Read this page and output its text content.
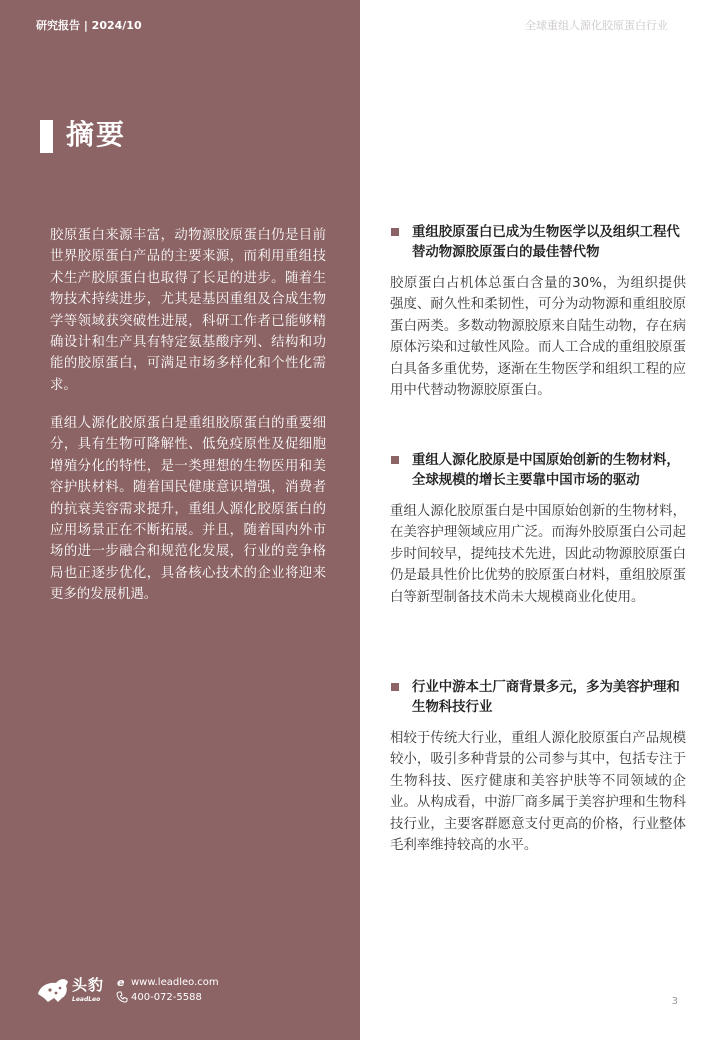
研究报告 | 2024/10	全球重组人源化胶原蛋白行业
摘要

胶原蛋白来源丰富，动物源胶原蛋白仍是目前世界胶原蛋白产品的主要来源，而利用重组技术生产胶原蛋白也取得了长足的进步。随着生物技术持续进步，尤其是基因重组及合成生物学等领域获突破性进展，科研工作者已能够精确设计和生产具有特定氨基酸序列、结构和功能的胶原蛋白，可满足市场多样化和个性化需求。

重组人源化胶原蛋白是重组胶原蛋白的重要细分，具有生物可降解性、低免疫原性及促细胞增殖分化的特性，是一类理想的生物医用和美容护肤材料。随着国民健康意识增强，消费者的抗衰美容需求提升，重组人源化胶原蛋白的应用场景正在不断拓展。并且，随着国内外市场的进一步融合和规范化发展，行业的竞争格局也正逐步优化，具备核心技术的企业将迎来更多的发展机遇。

重组胶原蛋白已成为生物医学以及组织工程代替动物源胶原蛋白的最佳替代物

胶原蛋白占机体总蛋白含量的30%，为组织提供强度、耐久性和柔韧性，可分为动物源和重组胶原蛋白两类。多数动物源胶原来自陆生动物，存在病原体污染和过敏性风险。而人工合成的重组胶原蛋白具备多重优势，逐渐在生物医学和组织工程的应用中代替动物源胶原蛋白。

重组人源化胶原是中国原始创新的生物材料，全球规模的增长主要靠中国市场的驱动

重组人源化胶原蛋白是中国原始创新的生物材料，在美容护理领域应用广泛。而海外胶原蛋白公司起步时间较早，提纯技术先进，因此动物源胶原蛋白仍是最具性价比优势的胶原蛋白材料，重组胶原蛋白等新型制备技术尚未大规模商业化使用。

行业中游本土厂商背景多元，多为美容护理和生物科技行业

相较于传统大行业，重组人源化胶原蛋白产品规模较小，吸引多种背景的公司参与其中，包括专注于生物科技、医疗健康和美容护肤等不同领域的企业。从构成看，中游厂商多属于美容护理和生物科技行业，主要客群愿意支付更高的价格，行业整体毛利率维持较高的水平。

头豹
LeadLeo
e www.leadleo.com
400-072-5588	3
